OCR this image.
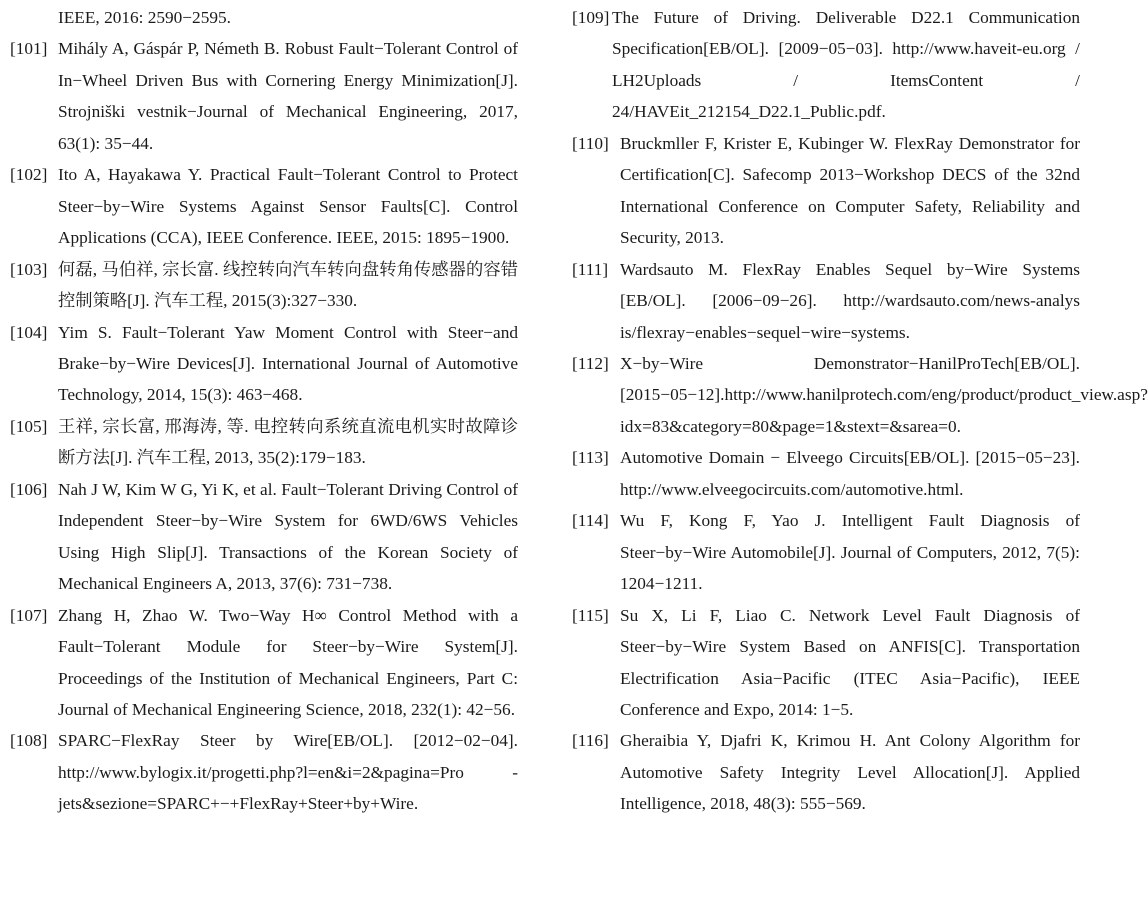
IEEE, 2016: 2590−2595.
[101] Mihály A, Gáspár P, Németh B. Robust Fault−Tolerant Control of In−Wheel Driven Bus with Cornering Energy Minimization[J]. Strojniški vestnik−Journal of Mechanical Engineering, 2017, 63(1): 35−44.
[102] Ito A, Hayakawa Y. Practical Fault−Tolerant Control to Protect Steer−by−Wire Systems Against Sensor Faults[C]. Control Applications (CCA), IEEE Conference. IEEE, 2015: 1895−1900.
[103] 何磊, 马伯祥, 宗长富. 线控转向汽车转向盘转角传感器的容错控制策略[J]. 汽车工程, 2015(3):327−330.
[104] Yim S. Fault−Tolerant Yaw Moment Control with Steer−and Brake−by−Wire Devices[J]. International Journal of Automotive Technology, 2014, 15(3): 463−468.
[105] 王祥, 宗长富, 邢海涛, 等. 电控转向系统直流电机实时故障诊断方法[J]. 汽车工程, 2013, 35(2):179−183.
[106] Nah J W, Kim W G, Yi K, et al. Fault−Tolerant Driving Control of Independent Steer−by−Wire System for 6WD/6WS Vehicles Using High Slip[J]. Transactions of the Korean Society of Mechanical Engineers A, 2013, 37(6): 731−738.
[107] Zhang H, Zhao W. Two−Way H∞ Control Method with a Fault−Tolerant Module for Steer−by−Wire System[J]. Proceedings of the Institution of Mechanical Engineers, Part C: Journal of Mechanical Engineering Science, 2018, 232(1): 42−56.
[108] SPARC−FlexRay Steer by Wire[EB/OL]. [2012−02−04]. http://www.bylogix.it/progetti.php?l=en&i=2&pagina=Pro - jets&sezione=SPARC+−+FlexRay+Steer+by+Wire.
[109] The Future of Driving. Deliverable D22.1 Communication Specification[EB/OL]. [2009−05−03]. http://www.haveit-eu.org / LH2Uploads / ItemsContent / 24/HAVEit_212154_D22.1_Public.pdf.
[110] Bruckmller F, Krister E, Kubinger W. FlexRay Demonstrator for Certification[C]. Safecomp 2013−Workshop DECS of the 32nd International Conference on Computer Safety, Reliability and Security, 2013.
[111] Wardsauto M. FlexRay Enables Sequel by−Wire Systems [EB/OL]. [2006−09−26]. http://wardsauto.com/news-analys is/flexray−enables−sequel−wire−systems.
[112] X−by−Wire Demonstrator−HanilProTech[EB/OL]. [2015−05−12].http://www.hanilprotech.com/eng/product/product_view.asp?idx=83&category=80&page=1&stext=&sarea=0.
[113] Automotive Domain − Elveego Circuits[EB/OL]. [2015−05−23]. http://www.elveegocircuits.com/automotive.html.
[114] Wu F, Kong F, Yao J. Intelligent Fault Diagnosis of Steer−by−Wire Automobile[J]. Journal of Computers, 2012, 7(5): 1204−1211.
[115] Su X, Li F, Liao C. Network Level Fault Diagnosis of Steer−by−Wire System Based on ANFIS[C]. Transportation Electrification Asia−Pacific (ITEC Asia−Pacific), IEEE Conference and Expo, 2014: 1−5.
[116] Gheraibia Y, Djafri K, Krimou H. Ant Colony Algorithm for Automotive Safety Integrity Level Allocation[J]. Applied Intelligence, 2018, 48(3): 555−569.
